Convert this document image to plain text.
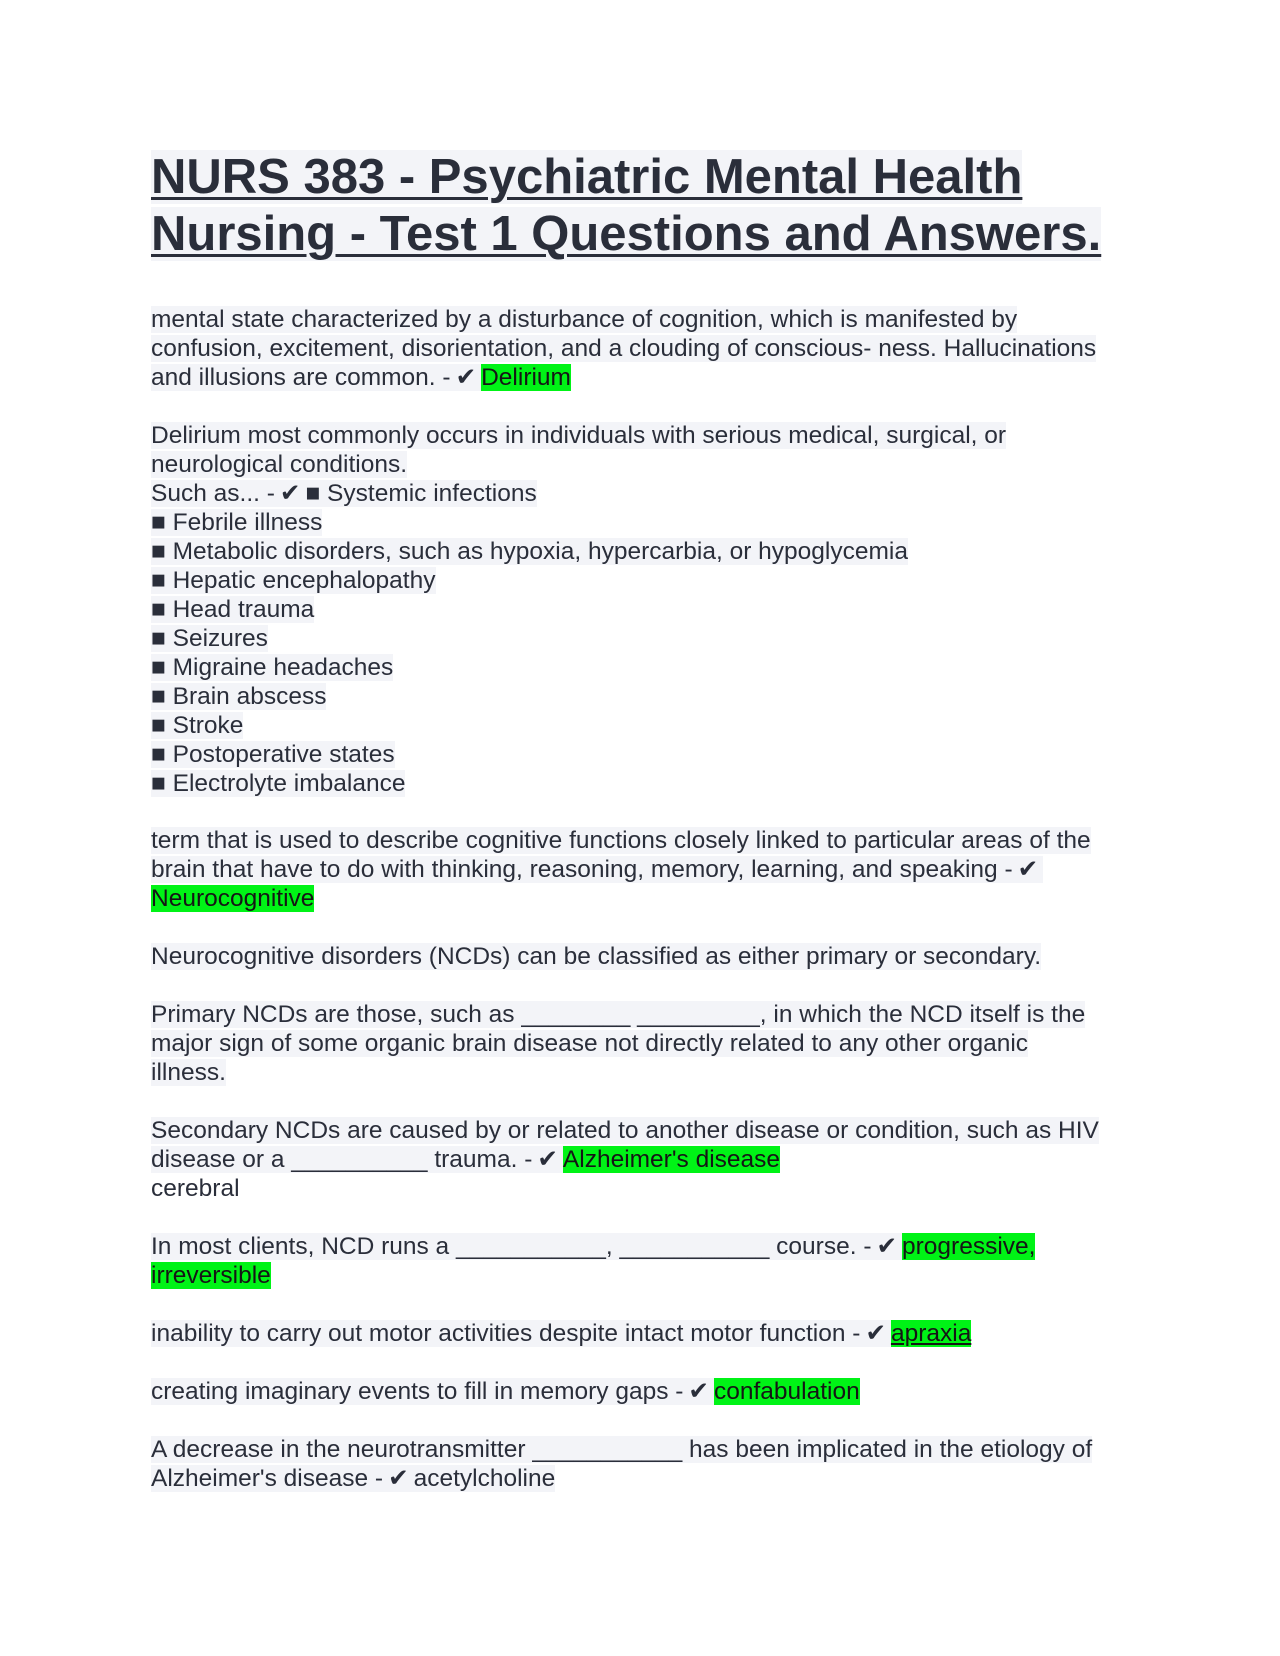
NURS 383 - Psychiatric Mental Health
Nursing - Test 1 Questions and Answers.

mental state characterized by a disturbance of cognition, which is manifested by
confusion, excitement, disorientation, and a clouding of conscious- ness. Hallucinations
and illusions are common. - ✔ Delirium

Delirium most commonly occurs in individuals with serious medical, surgical, or
neurological conditions.
Such as... - ✔ ■ Systemic infections
■ Febrile illness
■ Metabolic disorders, such as hypoxia, hypercarbia, or hypoglycemia
■ Hepatic encephalopathy
■ Head trauma
■ Seizures
■ Migraine headaches
■ Brain abscess
■ Stroke
■ Postoperative states
■ Electrolyte imbalance

term that is used to describe cognitive functions closely linked to particular areas of the
brain that have to do with thinking, reasoning, memory, learning, and speaking - ✔
Neurocognitive

Neurocognitive disorders (NCDs) can be classified as either primary or secondary.

Primary NCDs are those, such as ________ _________, in which the NCD itself is the
major sign of some organic brain disease not directly related to any other organic
illness.

Secondary NCDs are caused by or related to another disease or condition, such as HIV
disease or a __________ trauma. - ✔ Alzheimer's disease
cerebral

In most clients, NCD runs a ___________, ___________ course. - ✔ progressive,
irreversible

inability to carry out motor activities despite intact motor function - ✔ apraxia

creating imaginary events to fill in memory gaps - ✔ confabulation

A decrease in the neurotransmitter ___________ has been implicated in the etiology of
Alzheimer's disease - ✔ acetylcholine
